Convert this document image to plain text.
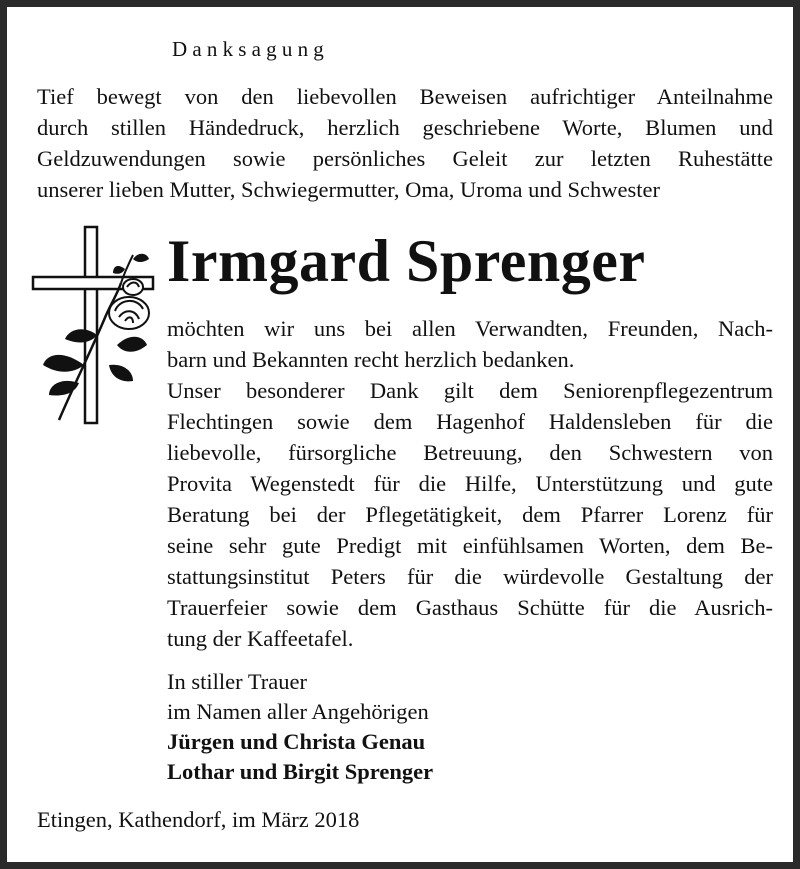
Danksagung
Tief bewegt von den liebevollen Beweisen aufrichtiger Anteilnahme
durch stillen Händedruck, herzlich geschriebene Worte, Blumen und
Geldzuwendungen sowie persönliches Geleit zur letzten Ruhestätte
unserer lieben Mutter, Schwiegermutter, Oma, Uroma und Schwester
Irmgard Sprenger
möchten wir uns bei allen Verwandten, Freunden, Nach-
barn und Bekannten recht herzlich bedanken.
Unser besonderer Dank gilt dem Seniorenpflegezentrum
Flechtingen sowie dem Hagenhof Haldensleben für die
liebevolle, fürsorgliche Betreuung, den Schwestern von
Provita Wegenstedt für die Hilfe, Unterstützung und gute
Beratung bei der Pflegetätigkeit, dem Pfarrer Lorenz für
seine sehr gute Predigt mit einfühlsamen Worten, dem Be-
stattungsinstitut Peters für die würdevolle Gestaltung der
Trauerfeier sowie dem Gasthaus Schütte für die Ausrich-
tung der Kaffeetafel.
In stiller Trauer
im Namen aller Angehörigen
Jürgen und Christa Genau
Lothar und Birgit Sprenger
Etingen, Kathendorf, im März 2018
